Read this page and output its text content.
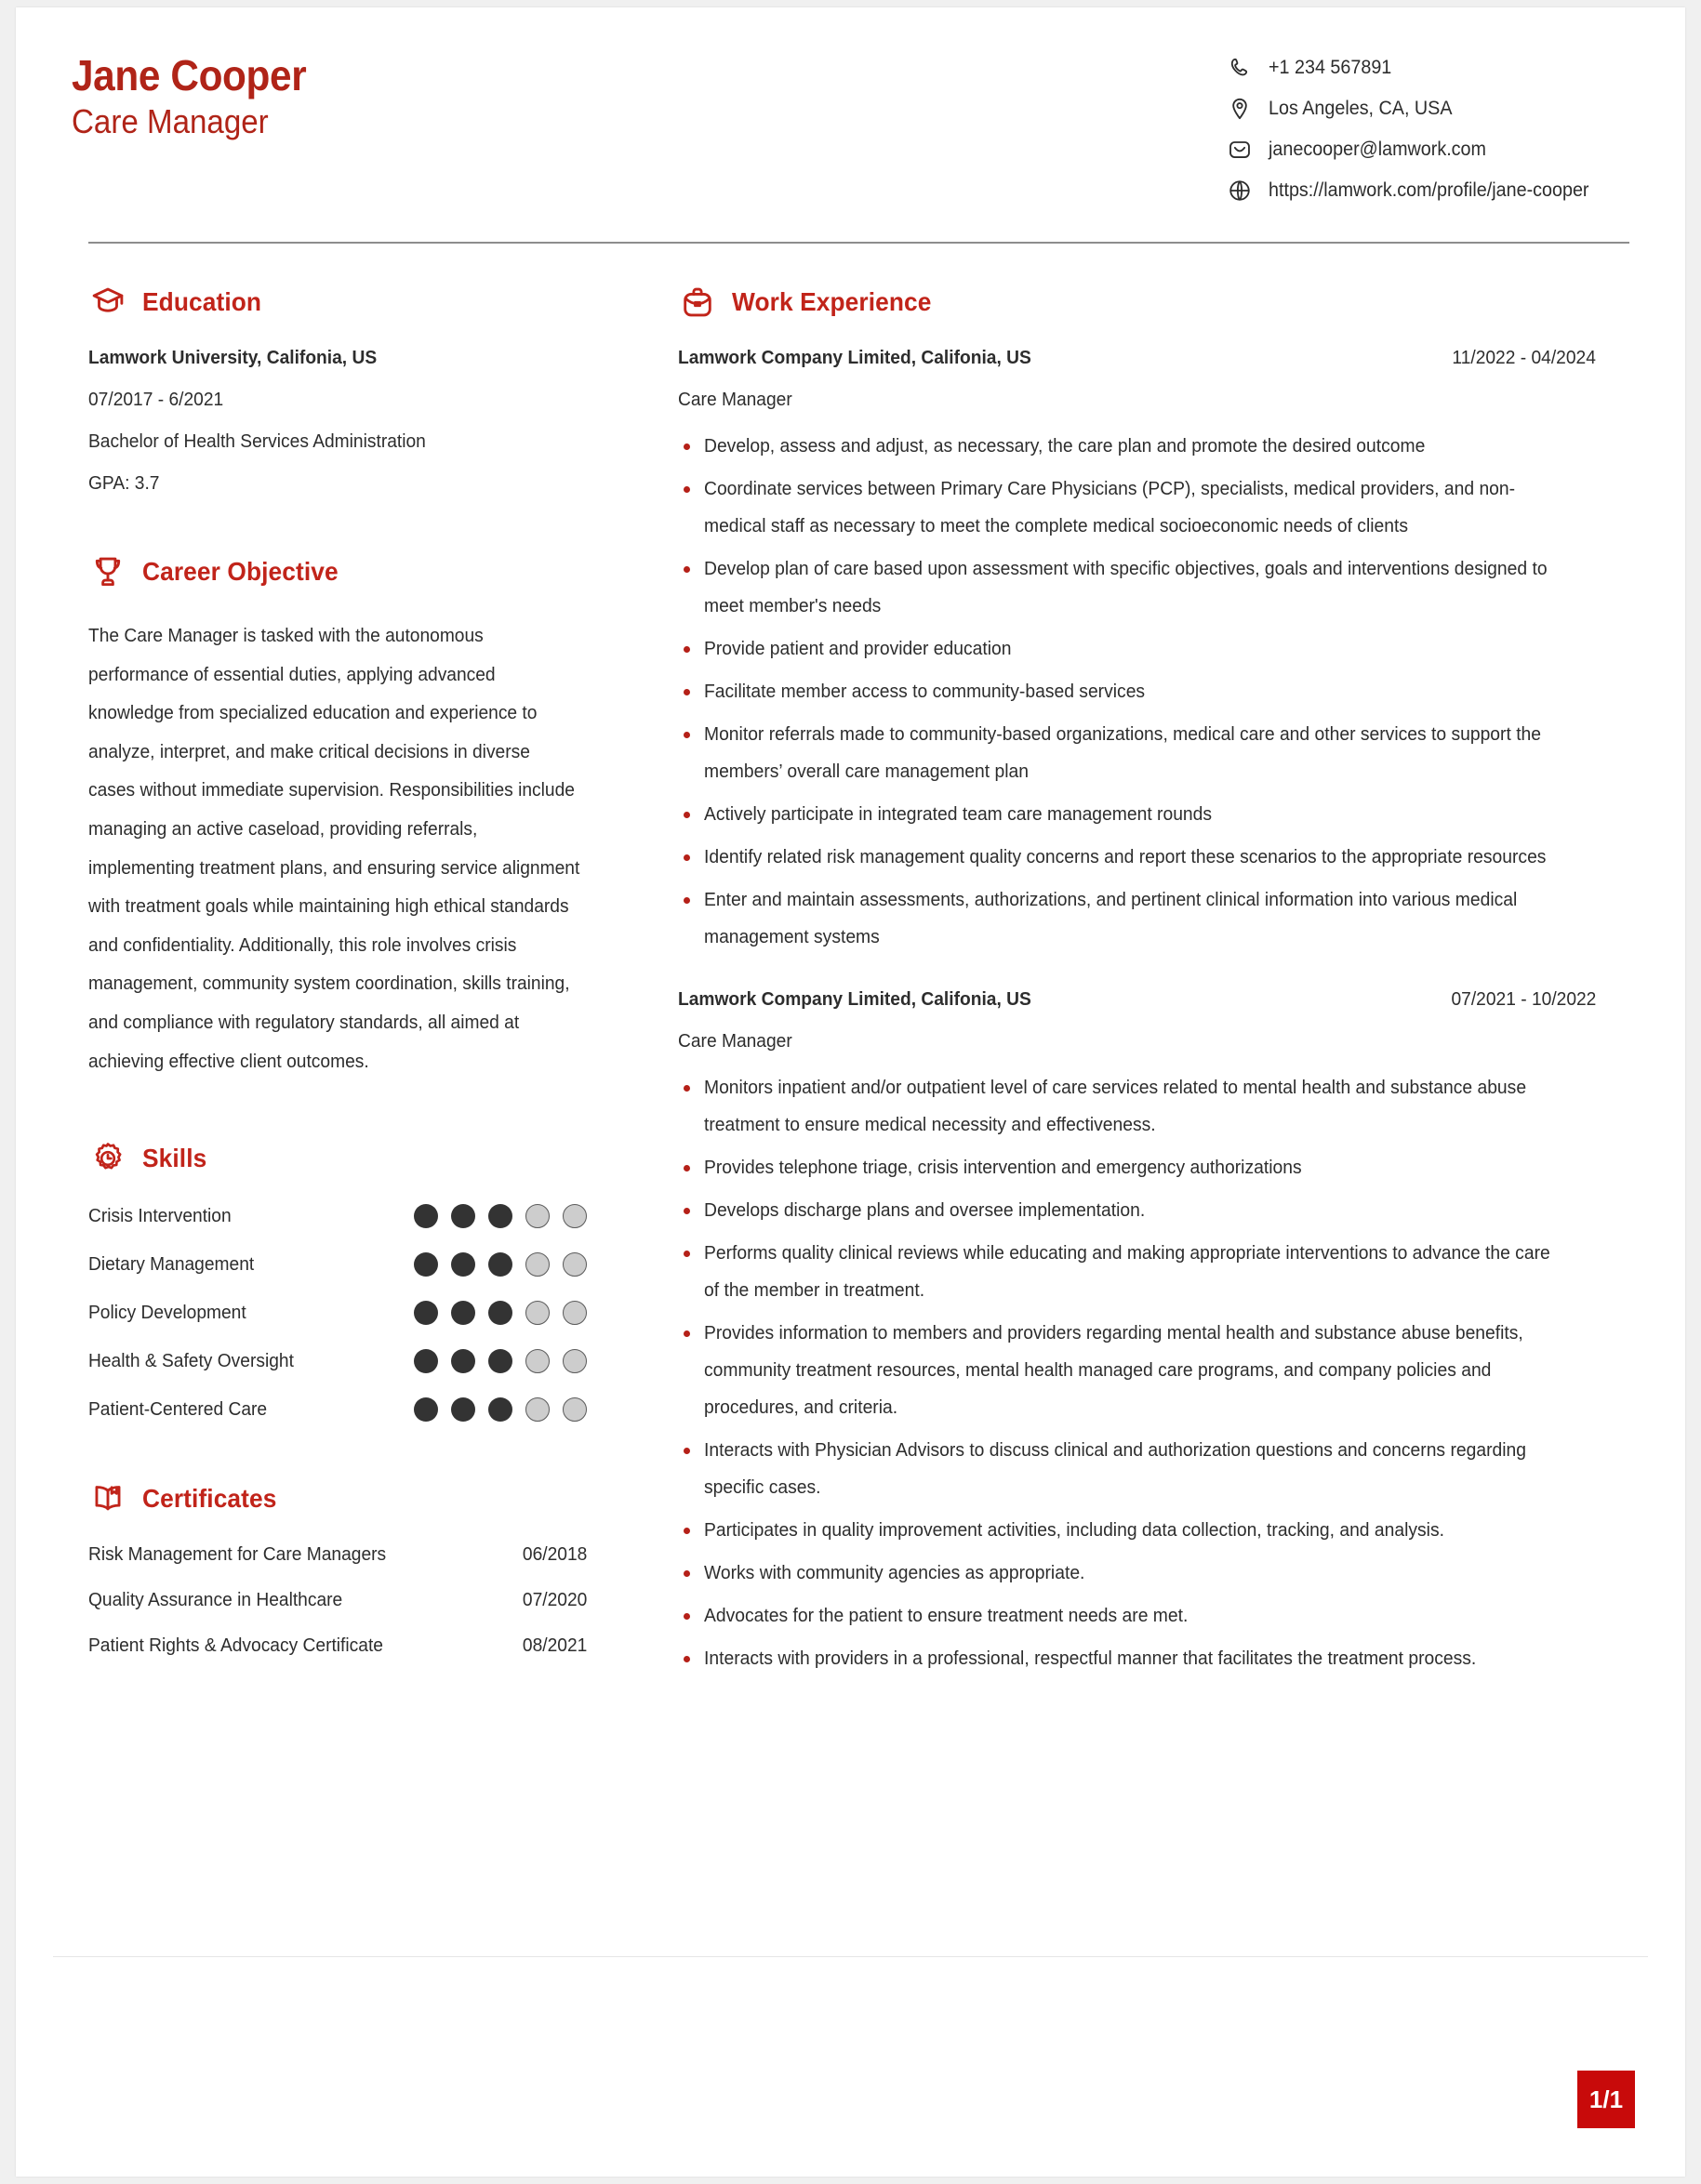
Jane Cooper
Care Manager
+1 234 567891
Los Angeles, CA, USA
janecooper@lamwork.com
https://lamwork.com/profile/jane-cooper
Education
Lamwork University, Califonia, US
07/2017 - 6/2021
Bachelor of Health Services Administration
GPA: 3.7
Career Objective
The Care Manager is tasked with the autonomous performance of essential duties, applying advanced knowledge from specialized education and experience to analyze, interpret, and make critical decisions in diverse cases without immediate supervision. Responsibilities include managing an active caseload, providing referrals, implementing treatment plans, and ensuring service alignment with treatment goals while maintaining high ethical standards and confidentiality. Additionally, this role involves crisis management, community system coordination, skills training, and compliance with regulatory standards, all aimed at achieving effective client outcomes.
Skills
Crisis Intervention
Dietary Management
Policy Development
Health & Safety Oversight
Patient-Centered Care
Certificates
Risk Management for Care Managers	06/2018
Quality Assurance in Healthcare	07/2020
Patient Rights & Advocacy Certificate	08/2021
Work Experience
Lamwork Company Limited, Califonia, US	11/2022 - 04/2024
Care Manager
Develop, assess and adjust, as necessary, the care plan and promote the desired outcome
Coordinate services between Primary Care Physicians (PCP), specialists, medical providers, and non-medical staff as necessary to meet the complete medical socioeconomic needs of clients
Develop plan of care based upon assessment with specific objectives, goals and interventions designed to meet member's needs
Provide patient and provider education
Facilitate member access to community-based services
Monitor referrals made to community-based organizations, medical care and other services to support the members’ overall care management plan
Actively participate in integrated team care management rounds
Identify related risk management quality concerns and report these scenarios to the appropriate resources
Enter and maintain assessments, authorizations, and pertinent clinical information into various medical management systems
Lamwork Company Limited, Califonia, US	07/2021 - 10/2022
Care Manager
Monitors inpatient and/or outpatient level of care services related to mental health and substance abuse treatment to ensure medical necessity and effectiveness.
Provides telephone triage, crisis intervention and emergency authorizations
Develops discharge plans and oversee implementation.
Performs quality clinical reviews while educating and making appropriate interventions to advance the care of the member in treatment.
Provides information to members and providers regarding mental health and substance abuse benefits, community treatment resources, mental health managed care programs, and company policies and procedures, and criteria.
Interacts with Physician Advisors to discuss clinical and authorization questions and concerns regarding specific cases.
Participates in quality improvement activities, including data collection, tracking, and analysis.
Works with community agencies as appropriate.
Advocates for the patient to ensure treatment needs are met.
Interacts with providers in a professional, respectful manner that facilitates the treatment process.
1/1
